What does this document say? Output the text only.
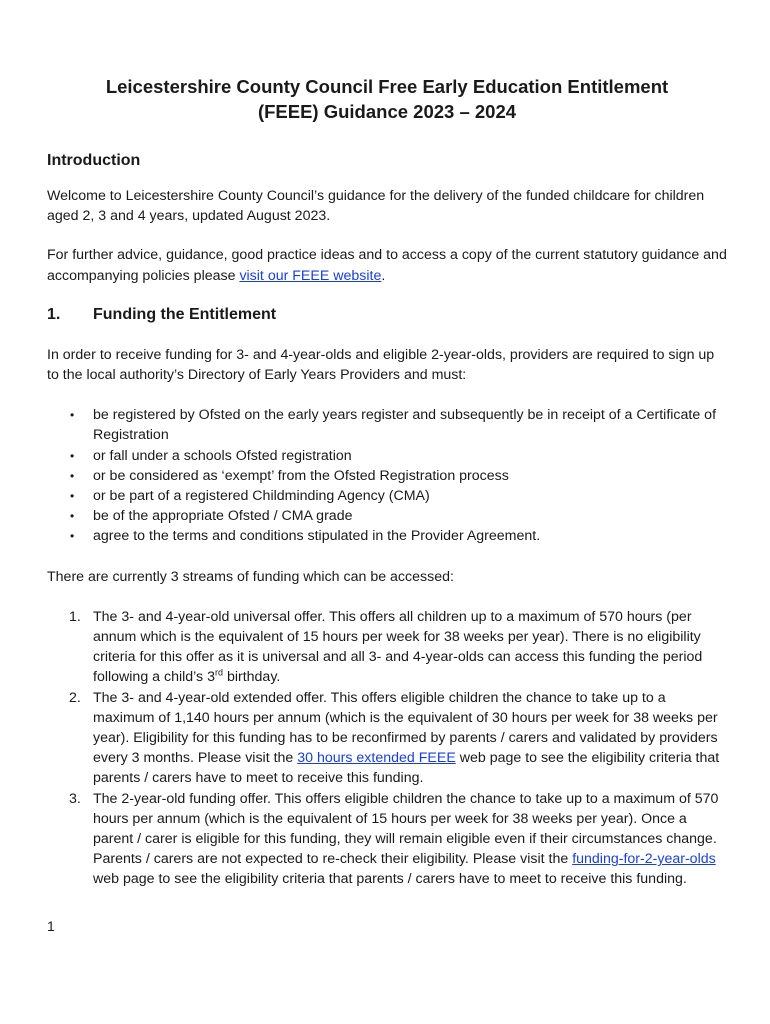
Leicestershire County Council Free Early Education Entitlement
(FEEE) Guidance 2023 – 2024
Introduction

Welcome to Leicestershire County Council’s guidance for the delivery of the funded childcare for children aged 2, 3 and 4 years, updated August 2023.

For further advice, guidance, good practice ideas and to access a copy of the current statutory guidance and accompanying policies please visit our FEEE website.

1.	Funding the Entitlement

In order to receive funding for 3- and 4-year-olds and eligible 2-year-olds, providers are required to sign up to the local authority’s Directory of Early Years Providers and must:

• be registered by Ofsted on the early years register and subsequently be in receipt of a Certificate of Registration
• or fall under a schools Ofsted registration
• or be considered as ‘exempt’ from the Ofsted Registration process
• or be part of a registered Childminding Agency (CMA)
• be of the appropriate Ofsted / CMA grade
• agree to the terms and conditions stipulated in the Provider Agreement.

There are currently 3 streams of funding which can be accessed:

1. The 3- and 4-year-old universal offer. This offers all children up to a maximum of 570 hours (per annum which is the equivalent of 15 hours per week for 38 weeks per year). There is no eligibility criteria for this offer as it is universal and all 3- and 4-year-olds can access this funding the period following a child’s 3rd birthday.
2. The 3- and 4-year-old extended offer. This offers eligible children the chance to take up to a maximum of 1,140 hours per annum (which is the equivalent of 30 hours per week for 38 weeks per year). Eligibility for this funding has to be reconfirmed by parents / carers and validated by providers every 3 months. Please visit the 30 hours extended FEEE web page to see the eligibility criteria that parents / carers have to meet to receive this funding.
3. The 2-year-old funding offer. This offers eligible children the chance to take up to a maximum of 570 hours per annum (which is the equivalent of 15 hours per week for 38 weeks per year). Once a parent / carer is eligible for this funding, they will remain eligible even if their circumstances change. Parents / carers are not expected to re-check their eligibility. Please visit the funding-for-2-year-olds web page to see the eligibility criteria that parents / carers have to meet to receive this funding.
1
